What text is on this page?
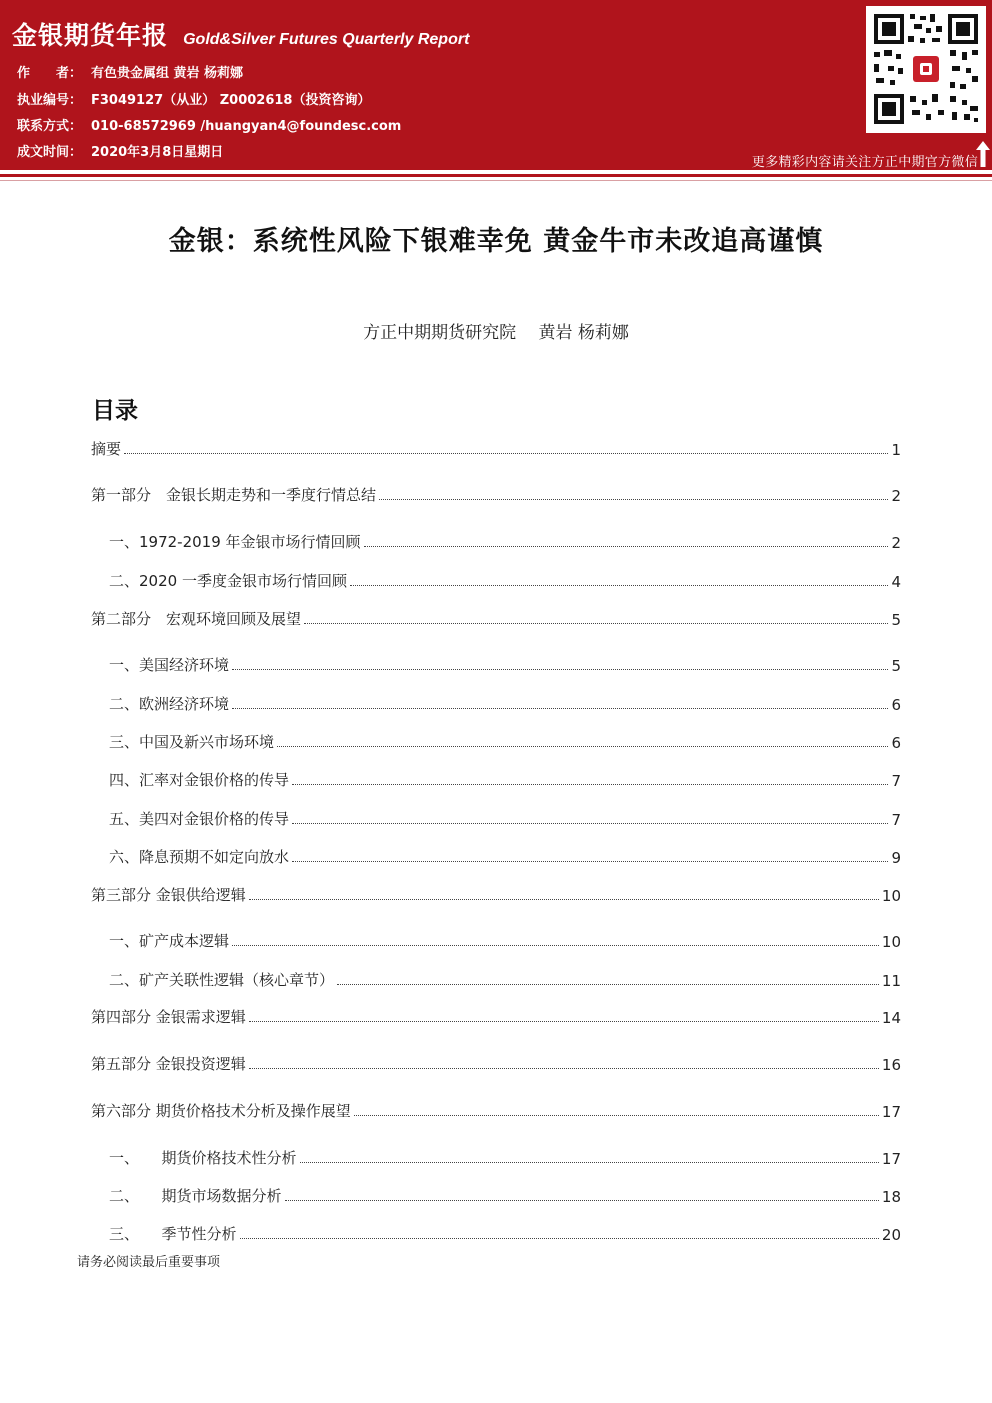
金银期货年报 Gold&Silver Futures Quarterly Report
作　　者： 有色贵金属组 黄岩 杨莉娜
执业编号： F3049127（从业） Z0002618（投资咨询）
联系方式： 010-68572969 /huangyan4@foundesc.com
成文时间： 2020年3月8日星期日
更多精彩内容请关注方正中期官方微信
金银：系统性风险下银难幸免 黄金牛市未改追高谨慎
方正中期期货研究院　 黄岩 杨莉娜
目录
摘要	1
第一部分　金银长期走势和一季度行情总结	2
一、1972-2019 年金银市场行情回顾	2
二、2020 一季度金银市场行情回顾	4
第二部分　宏观环境回顾及展望	5
一、美国经济环境	5
二、欧洲经济环境	6
三、中国及新兴市场环境	6
四、汇率对金银价格的传导	7
五、美四对金银价格的传导	7
六、降息预期不如定向放水	9
第三部分 金银供给逻辑	10
一、矿产成本逻辑	10
二、矿产关联性逻辑（核心章节）	11
第四部分 金银需求逻辑	14
第五部分 金银投资逻辑	16
第六部分 期货价格技术分析及操作展望	17
一、　　期货价格技术性分析	17
二、　　期货市场数据分析	18
三、　　季节性分析	20
请务必阅读最后重要事项
